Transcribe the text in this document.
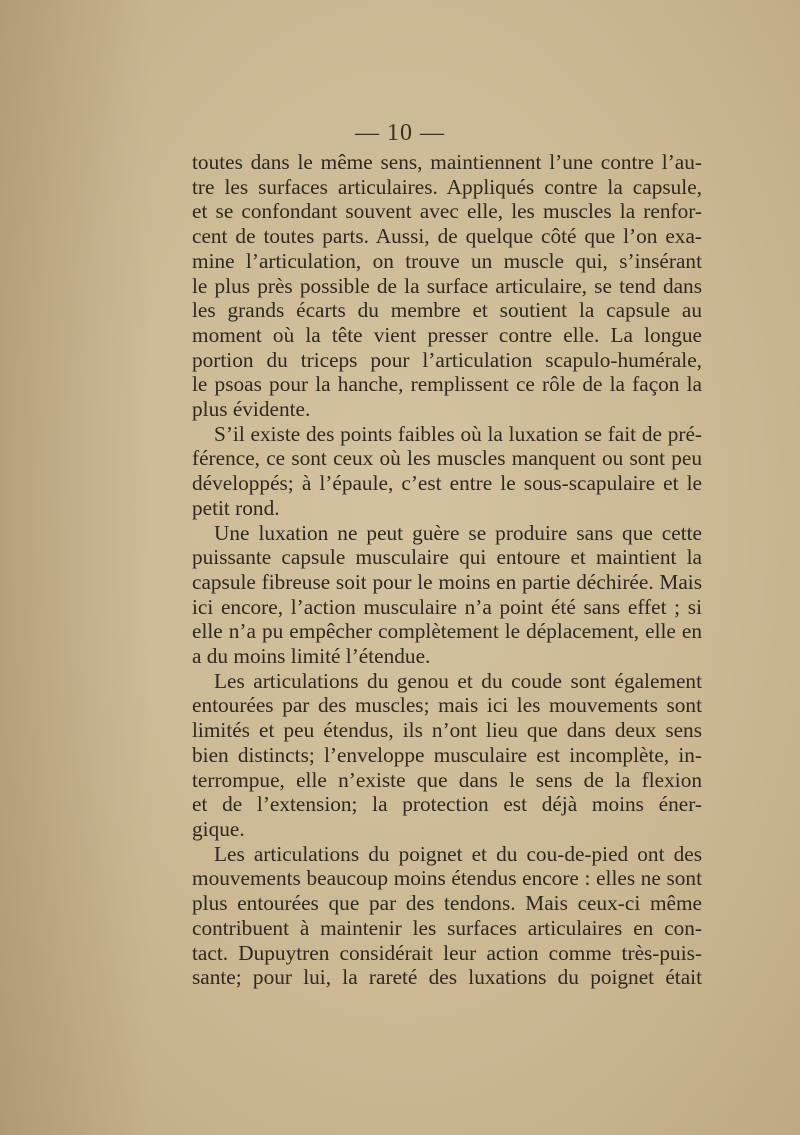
— 10 —
toutes dans le même sens, maintiennent l’une contre l’au-
tre les surfaces articulaires. Appliqués contre la capsule,
et se confondant souvent avec elle, les muscles la renfor-
cent de toutes parts. Aussi, de quelque côté que l’on exa-
mine l’articulation, on trouve un muscle qui, s’insérant
le plus près possible de la surface articulaire, se tend dans
les grands écarts du membre et soutient la capsule au
moment où la tête vient presser contre elle. La longue
portion du triceps pour l’articulation scapulo-humérale,
le psoas pour la hanche, remplissent ce rôle de la façon la
plus évidente.
S’il existe des points faibles où la luxation se fait de pré-
férence, ce sont ceux où les muscles manquent ou sont peu
développés; à l’épaule, c’est entre le sous-scapulaire et le
petit rond.
Une luxation ne peut guère se produire sans que cette
puissante capsule musculaire qui entoure et maintient la
capsule fibreuse soit pour le moins en partie déchirée. Mais
ici encore, l’action musculaire n’a point été sans effet ; si
elle n’a pu empêcher complètement le déplacement, elle en
a du moins limité l’étendue.
Les articulations du genou et du coude sont également
entourées par des muscles; mais ici les mouvements sont
limités et peu étendus, ils n’ont lieu que dans deux sens
bien distincts; l’enveloppe musculaire est incomplète, in-
terrompue, elle n’existe que dans le sens de la flexion
et de l’extension; la protection est déjà moins éner-
gique.
Les articulations du poignet et du cou-de-pied ont des
mouvements beaucoup moins étendus encore : elles ne sont
plus entourées que par des tendons. Mais ceux-ci même
contribuent à maintenir les surfaces articulaires en con-
tact. Dupuytren considérait leur action comme très-puis-
sante; pour lui, la rareté des luxations du poignet était
